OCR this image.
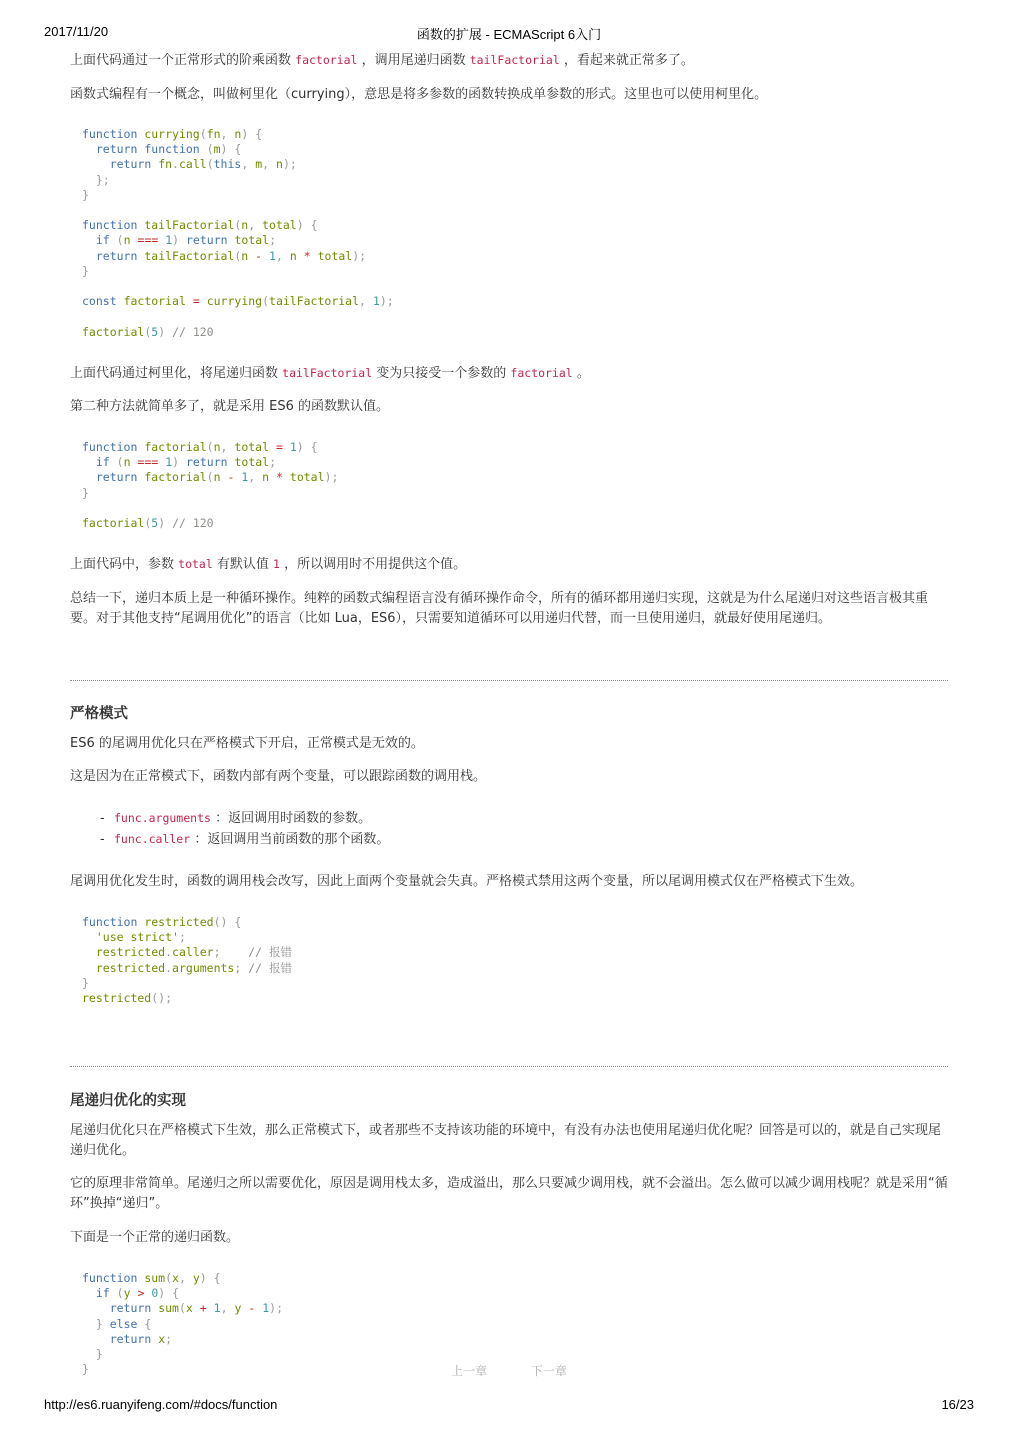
2017/11/20	函数的扩展 - ECMAScript 6入门

上面代码通过一个正常形式的阶乘函数 factorial ，调用尾递归函数 tailFactorial ，看起来就正常多了。

函数式编程有一个概念，叫做柯里化（currying），意思是将多参数的函数转换成单参数的形式。这里也可以使用柯里化。

function currying(fn, n) {
return function (m) {
return fn.call(this, m, n);
};
}

function tailFactorial(n, total) {
if (n === 1) return total;
return tailFactorial(n - 1, n * total);
}

const factorial = currying(tailFactorial, 1);

factorial(5) // 120

上面代码通过柯里化，将尾递归函数 tailFactorial 变为只接受一个参数的 factorial 。

第二种方法就简单多了，就是采用 ES6 的函数默认值。

function factorial(n, total = 1) {
if (n === 1) return total;
return factorial(n - 1, n * total);
}

factorial(5) // 120

上面代码中，参数 total 有默认值 1 ，所以调用时不用提供这个值。

总结一下，递归本质上是一种循环操作。纯粹的函数式编程语言没有循环操作命令，所有的循环都用递归实现，这就是为什么尾递归对这些语言极其重要。对于其他支持“尾调用优化”的语言（比如 Lua，ES6），只需要知道循环可以用递归代替，而一旦使用递归，就最好使用尾递归。

严格模式

ES6 的尾调用优化只在严格模式下开启，正常模式是无效的。

这是因为在正常模式下，函数内部有两个变量，可以跟踪函数的调用栈。

- func.arguments ：返回调用时函数的参数。
- func.caller ：返回调用当前函数的那个函数。

尾调用优化发生时，函数的调用栈会改写，因此上面两个变量就会失真。严格模式禁用这两个变量，所以尾调用模式仅在严格模式下生效。

function restricted() {
'use strict';
restricted.caller; // 报错
restricted.arguments; // 报错
}
restricted();
尾递归优化的实现

尾递归优化只在严格模式下生效，那么正常模式下，或者那些不支持该功能的环境中，有没有办法也使用尾递归优化呢？回答是可以的，就是自己实现尾递归优化。

它的原理非常简单。尾递归之所以需要优化，原因是调用栈太多，造成溢出，那么只要减少调用栈，就不会溢出。怎么做可以减少调用栈呢？就是采用“循环”换掉“递归”。

下面是一个正常的递归函数。

function sum(x, y) {
if (y > 0) {
return sum(x + 1, y - 1);
} else {
return x;
}
}	上一章	下一章
http://es6.ruanyifeng.com/#docs/function	16/23
